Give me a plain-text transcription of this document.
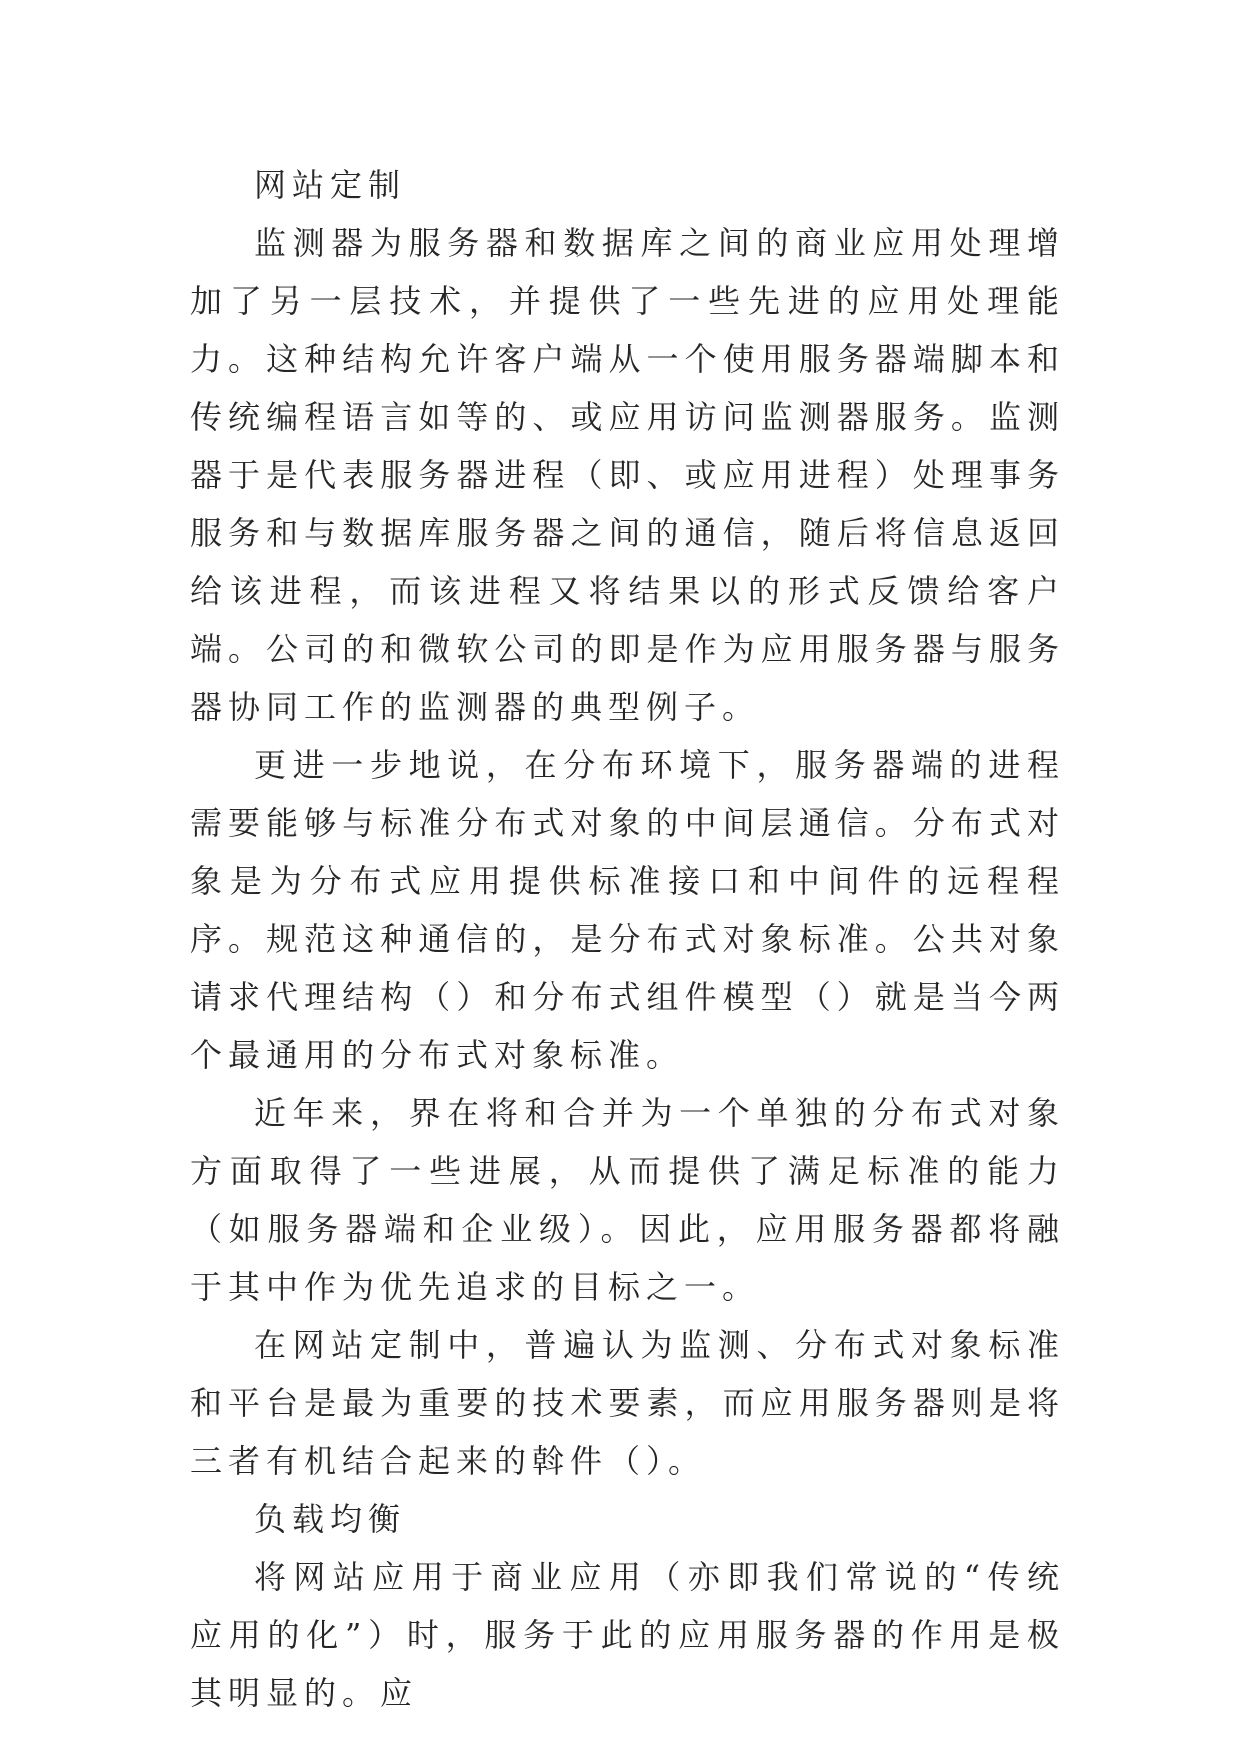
网站定制

监测器为服务器和数据库之间的商业应用处理增加了另一层技术，并提供了一些先进的应用处理能力。这种结构允许客户端从一个使用服务器端脚本和传统编程语言如等的、或应用访问监测器服务。监测器于是代表服务器进程（即、或应用进程）处理事务服务和与数据库服务器之间的通信，随后将信息返回给该进程，而该进程又将结果以的形式反馈给客户端。公司的和微软公司的即是作为应用服务器与服务器协同工作的监测器的典型例子。

更进一步地说，在分布环境下，服务器端的进程需要能够与标准分布式对象的中间层通信。分布式对象是为分布式应用提供标准接口和中间件的远程程序。规范这种通信的，是分布式对象标准。公共对象请求代理结构（）和分布式组件模型（）就是当今两个最通用的分布式对象标准。

近年来，界在将和合并为一个单独的分布式对象方面取得了一些进展，从而提供了满足标准的能力（如服务器端和企业级）。因此，应用服务器都将融于其中作为优先追求的目标之一。

在网站定制中，普遍认为监测、分布式对象标准和平台是最为重要的技术要素，而应用服务器则是将三者有机结合起来的斡件（）。

负载均衡

将网站应用于商业应用（亦即我们常说的“传统应用的化”）时，服务于此的应用服务器的作用是极其明显的。应
